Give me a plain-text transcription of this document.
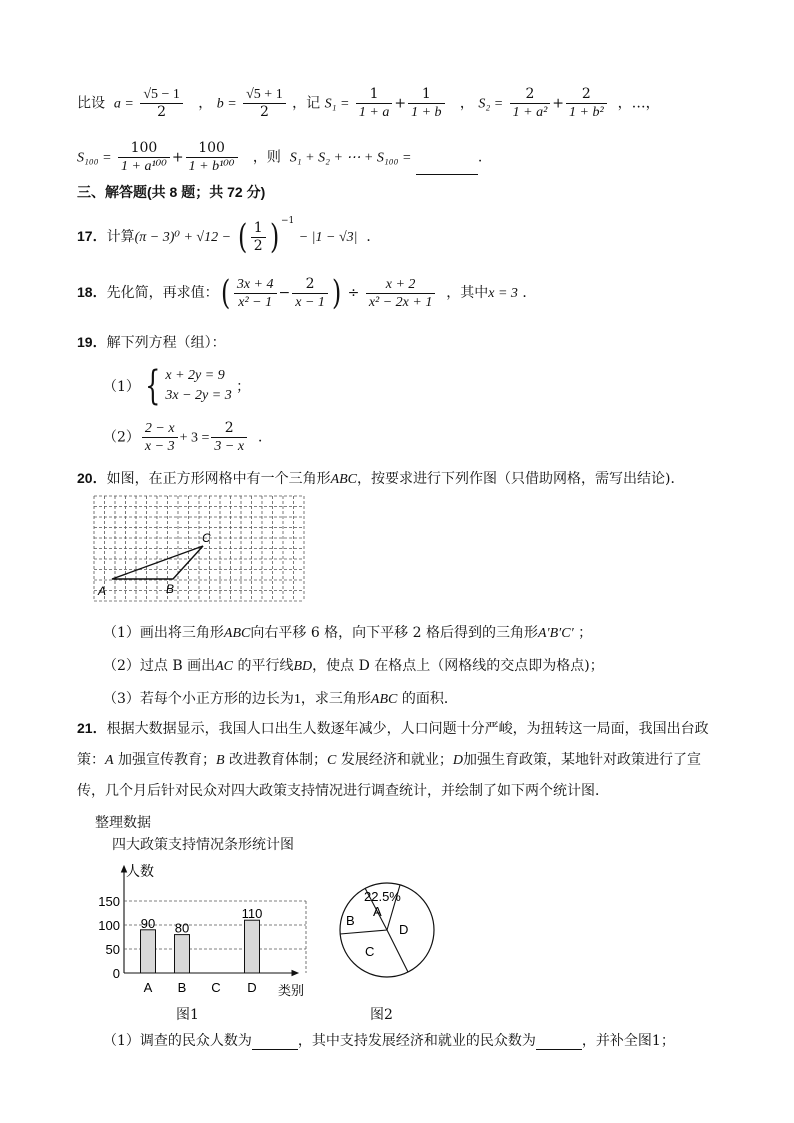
比设 $a = \frac{√5 - 1}{2}$ ， $b = \frac{√5 + 1}{2}$ ，记 $S_1 = \frac{1}{1 + a} + \frac{1}{1 + b}$ ， $S_2 = \frac{2}{\text{1 + a²}} + \frac{2}{\text{1 + b²}}$ ，…，
$S_{100} = \frac{100}{\text{1 + a¹⁰⁰}} + \frac{100}{\text{1 + b¹⁰⁰}}$ ，则 S₁ + S₂ + ⋯ + S₁₀₀ =	.
三、解答题(共 8 题；共 72 分)
17．计算(π − 3)⁰ + √12 − ( $\frac{1}{2}$ ) $^{-1}$ − |1 − √3| ．
18．先化简，再求值：( $\frac{3x + 4}{\text{x² − 1}} - \frac{2}{x - 1}$ ) ÷ $\frac{x + 2}{\text{x² − 2x + 1}}$ ，其中x = 3 ．
19．解下列方程（组）：
（1） { x + 2y = 9
3x − 2y = 3
；
$(2) \frac{2 - x}{x - 3} + 3 = \frac{2}{3 - x}$ ．
20．如图，在正方形网格中有一个三角形ABC，按要求进行下列作图（只借助网格，需写出结论)．
A	B
C
（1）画出将三角形ABC向右平移 6 格，向下平移 2 格后得到的三角形A′B′C′ ；
（2）过点 B 画出AC 的平行线BD，使点 D 在格点上（网格线的交点即为格点)；
（3）若每个小正方形的边长为1，求三角形ABC 的面积．
21．根据大数据显示，我国人口出生人数逐年减少，人口问题十分严峻，为扭转这一局面，我国出台政
策：A 加强宣传教育；B 改进教育体制；C 发展经济和就业；D加强生育政策，某地针对政策进行了宣
传，几个月后针对民众对四大政策支持情况进行调查统计，并绘制了如下两个统计图．
整理数据
四大政策支持情况条形统计图
人数
类别
0
50
100
150
90
A
80
B C
110
D
图1
22.5%
A
B
C
D
图2
（1）调查的民众人数为	，其中支持发展经济和就业的民众数为	，并补全图1；
